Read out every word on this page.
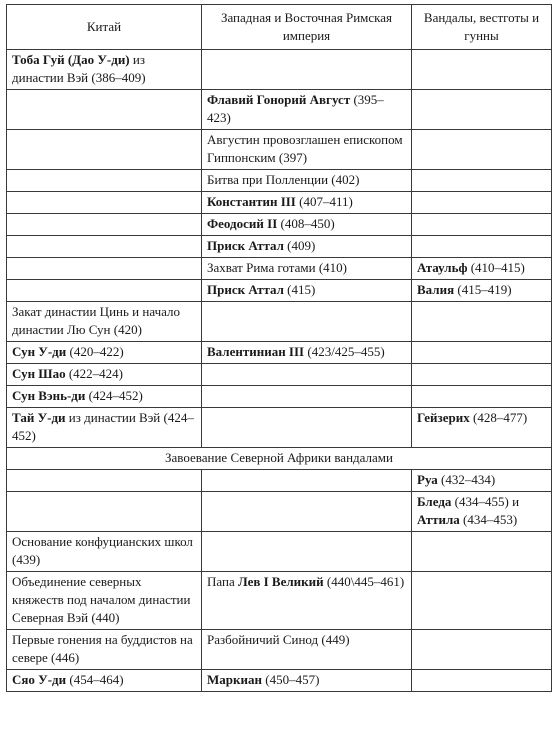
Китай	Западная и Восточная Римская империя	Вандалы, вестготы и гунны
Тоба Гуй (Дао У-ди) из династии Вэй (386–409)		
	Флавий Гонорий Август (395–423)	
	Августин провозглашен епископом Гиппонским (397)	
	Битва при Полленции (402)	
	Константин III (407–411)	
	Феодосий II (408–450)	
	Приск Аттал (409)	
	Захват Рима готами (410)	Атаульф (410–415)
	Приск Аттал (415)	Валия (415–419)
Закат династии Цинь и начало династии Лю Сун (420)		
Сун У-ди (420–422)	Валентиниан III (423/425–455)	
Сун Шао (422–424)		
Сун Вэнь-ди (424–452)		
Тай У-ди из династии Вэй (424–452)		Гейзерих (428–477)
Завоевание Северной Африки вандалами		
		Руа (432–434)
		Бледа (434–455) и Аттила (434–453)
Основание конфуцианских школ (439)		
Объединение северных княжеств под началом династии Северная Вэй (440)	Папа Лев I Великий (440\445–461)	
Первые гонения на буддистов на севере (446)	Разбойничий Синод (449)	
Сяо У-ди (454–464)	Маркиан (450–457)	
